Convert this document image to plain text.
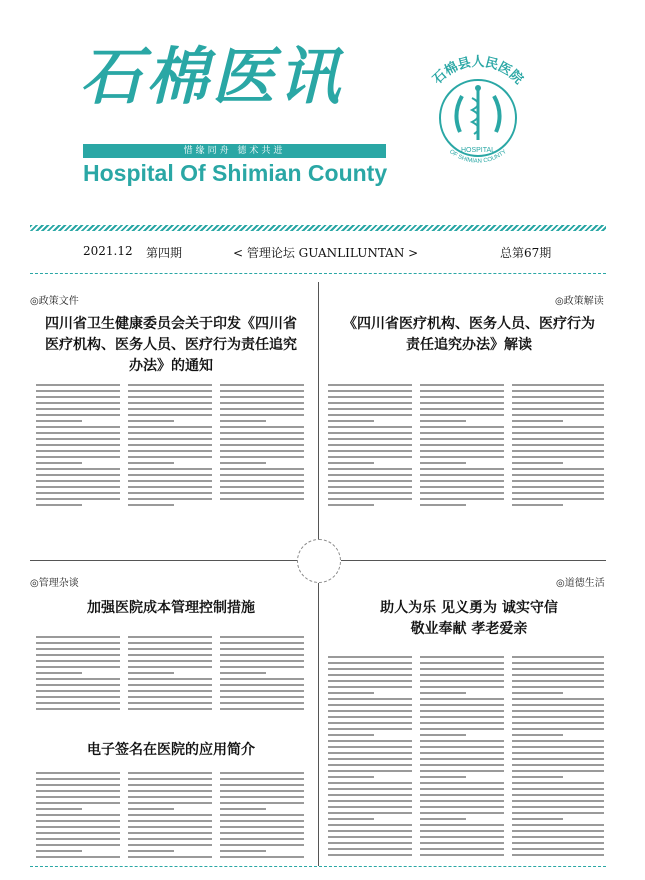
石棉医讯
惜缘同舟 德术共进
Hospital Of Shimian County
石棉县人民医院
HOSPITAL
OF SHIMIAN COUNTY
2021.12 第四期	< 管理论坛 GUANLILUNTAN >	总第67期
◎政策文件
四川省卫生健康委员会关于印发《四川省
医疗机构、医务人员、医疗行为责任追究
办法》的通知
◎政策解读
《四川省医疗机构、医务人员、医疗行为
责任追究办法》解读
◎管理杂谈
加强医院成本管理控制措施
电子签名在医院的应用简介
◎道德生活
助人为乐 见义勇为 诚实守信
敬业奉献 孝老爱亲
